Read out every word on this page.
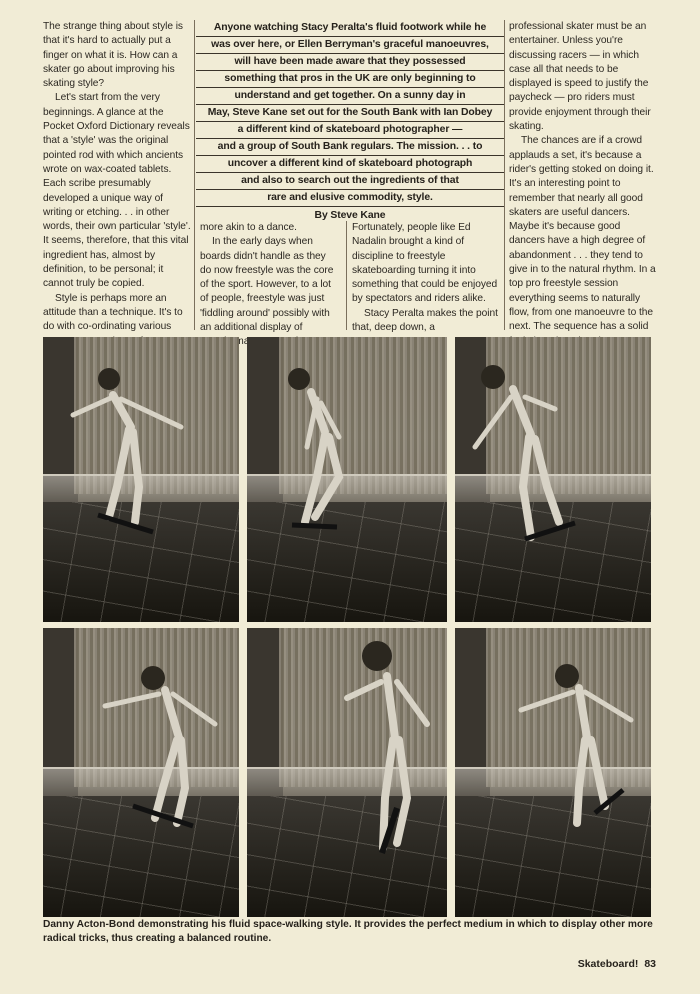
The strange thing about style is that it's hard to actually put a finger on what it is. How can a skater go about improving his skating style?

Let's start from the very beginnings. A glance at the Pocket Oxford Dictionary reveals that a 'style' was the original pointed rod with which ancients wrote on wax-coated tablets. Each scribe presumably developed a unique way of writing or etching. . . in other words, their own particular 'style'. It seems, therefore, that this vital ingredient has, almost by definition, to be personal; it cannot truly be copied.

Style is perhaps more an attitude than a technique. It's to do with co-ordinating various

Anyone watching Stacy Peralta's fluid footwork while he
was over here, or Ellen Berryman's graceful manoeuvres,
will have been made aware that they possessed
something that pros in the UK are only beginning to
understand and get together. On a sunny day in
May, Steve Kane set out for the South Bank with Ian Dobey
a different kind of skateboard photographer —
and a group of South Bank regulars. The mission. . . to
uncover a different kind of skateboard photograph
and also to search out the ingredients of that
rare and elusive commodity, style.
By Steve Kane

more akin to a dance.

In the early days when boards didn't handle as they do now freestyle was the core of the sport. However, to a lot of people, freestyle was just 'fiddling around' possibly with an additional display of

Fortunately, people like Ed Nadalin brought a kind of discipline to freestyle skateboarding turning it into something that could be enjoyed by spectators and riders alike.

Stacy Peralta makes the point that, deep down, a

professional skater must be an entertainer. Unless you're discussing racers — in which case all that needs to be displayed is speed to justify the paycheck — pro riders must provide enjoyment through their skating.

The chances are if a crowd applauds a set, it's because a rider's getting stoked on doing it. It's an interesting point to remember that nearly all good skaters are useful dancers. Maybe it's because good dancers have a high degree of abandonment . . . they tend to give in to the natural rhythm. In a top pro freestyle session everything seems to naturally flow, from one manoeuvre to the next. The sequence has a solid

Danny Acton-Bond demonstrating his fluid space-walking style. It provides the perfect medium in which to display other more radical tricks, thus creating a balanced routine.
Skateboard! 83
